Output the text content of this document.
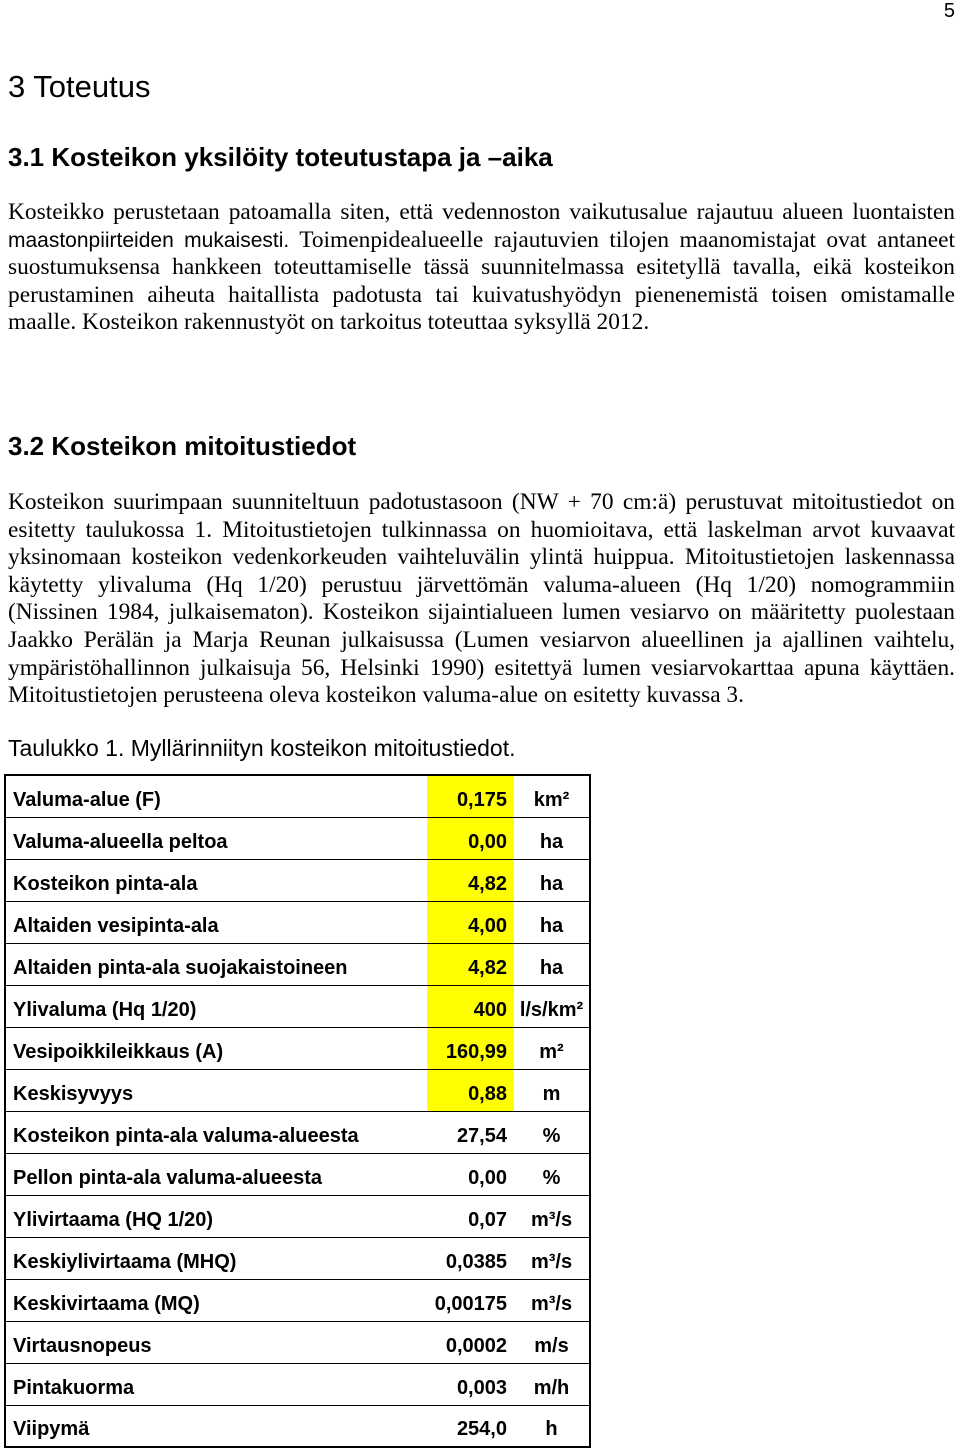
5
3 Toteutus
3.1 Kosteikon yksilöity toteutustapa ja –aika
Kosteikko perustetaan patoamalla siten, että vedennoston vaikutusalue rajautuu alueen luontaisten
maastonpiirteiden mukaisesti. Toimenpidealueelle rajautuvien tilojen maanomistajat ovat antaneet
suostumuksensa hankkeen toteuttamiselle tässä suunnitelmassa esitetyllä tavalla, eikä kosteikon
perustaminen aiheuta haitallista padotusta tai kuivatushyödyn pienenemistä toisen omistamalle
maalle. Kosteikon rakennustyöt on tarkoitus toteuttaa syksyllä 2012.
3.2 Kosteikon mitoitustiedot
Kosteikon suurimpaan suunniteltuun padotustasoon (NW + 70 cm:ä) perustuvat mitoitustiedot on
esitetty taulukossa 1. Mitoitustietojen tulkinnassa on huomioitava, että laskelman arvot kuvaavat
yksinomaan kosteikon vedenkorkeuden vaihteluvälin ylintä huippua. Mitoitustietojen laskennassa
käytetty ylivaluma (Hq 1/20) perustuu järvettömän valuma-alueen (Hq 1/20) nomogrammiin
(Nissinen 1984, julkaisematon). Kosteikon sijaintialueen lumen vesiarvo on määritetty puolestaan
Jaakko Perälän ja Marja Reunan julkaisussa (Lumen vesiarvon alueellinen ja ajallinen vaihtelu,
ympäristöhallinnon julkaisuja 56, Helsinki 1990) esitettyä lumen vesiarvokarttaa apuna käyttäen.
Mitoitustietojen perusteena oleva kosteikon valuma-alue on esitetty kuvassa 3.
Taulukko 1. Myllärinniityn kosteikon mitoitustiedot.
Valuma-alue (F)	0,175	km²
Valuma-alueella peltoa	0,00	ha
Kosteikon pinta-ala	4,82	ha
Altaiden vesipinta-ala	4,00	ha
Altaiden pinta-ala suojakaistoineen	4,82	ha
Ylivaluma (Hq 1/20)	400 l/s/km²
Vesipoikkileikkaus (A)	160,99	m²
Keskisyvyys	0,88	m
Kosteikon pinta-ala valuma-alueesta	27,54	%
Pellon pinta-ala valuma-alueesta	0,00	%
Ylivirtaama (HQ 1/20)	0,07	m³/s
Keskiylivirtaama (MHQ)	0,0385	m³/s
Keskivirtaama (MQ)	0,00175	m³/s
Virtausnopeus	0,0002	m/s
Pintakuorma	0,003	m/h
Viipymä	254,0	h
